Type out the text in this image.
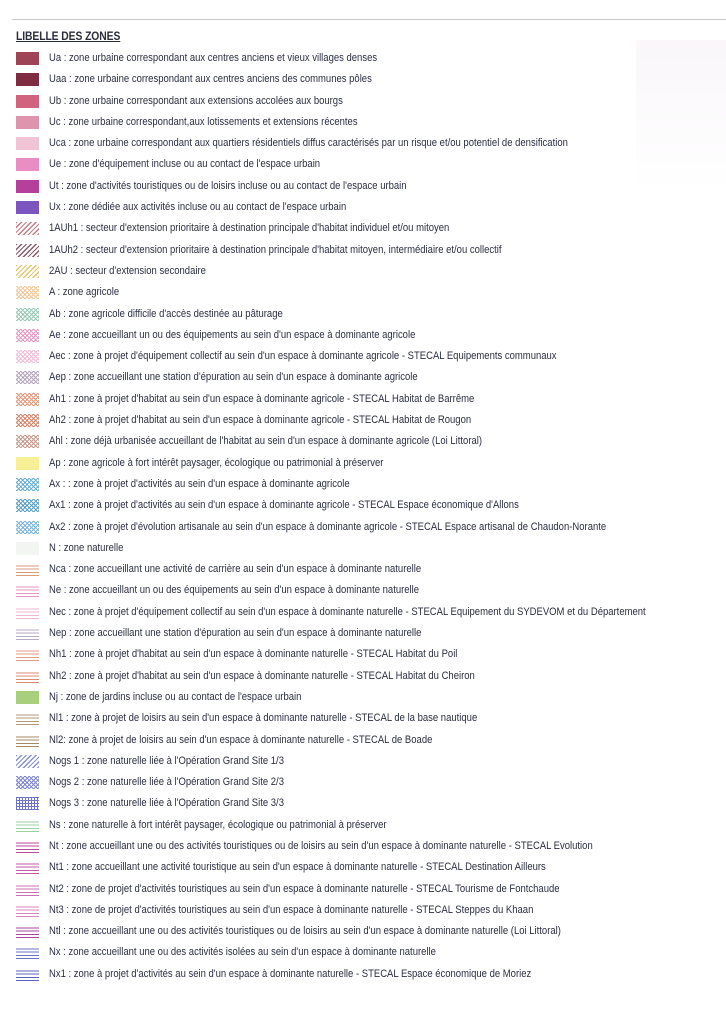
LIBELLE DES ZONES
Ua : zone urbaine correspondant aux centres anciens et vieux villages denses
Uaa : zone urbaine correspondant aux centres anciens des communes pôles
Ub : zone urbaine correspondant aux extensions accolées aux bourgs
Uc : zone urbaine correspondant,aux lotissements et extensions récentes
Uca : zone urbaine correspondant aux quartiers résidentiels diffus caractérisés par un risque et/ou potentiel de densification
Ue : zone d'équipement incluse ou au contact de l'espace urbain
Ut : zone d'activités touristiques ou de loisirs incluse ou au contact de l'espace urbain
Ux : zone dédiée aux activités incluse ou au contact de l'espace urbain
1AUh1 : secteur d'extension prioritaire à destination principale d'habitat individuel et/ou mitoyen
1AUh2 : secteur d'extension prioritaire à destination principale d'habitat mitoyen, intermédiaire et/ou collectif
2AU : secteur d'extension secondaire
A : zone agricole
Ab : zone agricole difficile d'accès destinée au pâturage
Ae : zone accueillant un ou des équipements au sein d'un espace à dominante agricole
Aec : zone à projet d'équipement collectif au sein d'un espace à dominante agricole - STECAL Equipements communaux
Aep : zone accueillant une station d'épuration au sein d'un espace à dominante agricole
Ah1 : zone à projet d'habitat au sein d'un espace à dominante agricole - STECAL Habitat de Barrême
Ah2 : zone à projet d'habitat au sein d'un espace à dominante agricole - STECAL Habitat de Rougon
Ahl : zone déjà urbanisée accueillant de l'habitat au sein d'un espace à dominante agricole (Loi Littoral)
Ap : zone agricole à fort intérêt paysager, écologique ou patrimonial à préserver
Ax : : zone à projet d'activités au sein d'un espace à dominante agricole
Ax1 : zone à projet d'activités au sein d'un espace à dominante agricole - STECAL Espace économique d'Allons
Ax2 : zone à projet d'évolution artisanale au sein d'un espace à dominante agricole - STECAL Espace artisanal de Chaudon-Norante
N : zone naturelle
Nca : zone accueillant une activité de carrière au sein d'un espace à dominante naturelle
Ne : zone accueillant un ou des équipements au sein d'un espace à dominante naturelle
Nec : zone à projet d'équipement collectif au sein d'un espace à dominante naturelle - STECAL Equipement du SYDEVOM et du Département
Nep : zone accueillant une station d'épuration au sein d'un espace à dominante naturelle
Nh1 : zone à projet d'habitat au sein d'un espace à dominante naturelle - STECAL Habitat du Poil
Nh2 : zone à projet d'habitat au sein d'un espace à dominante naturelle - STECAL Habitat du Cheiron
Nj : zone de jardins incluse ou au contact de l'espace urbain
Nl1 : zone à projet de loisirs au sein d'un espace à dominante naturelle - STECAL de la base nautique
Nl2: zone à projet de loisirs au sein d'un espace à dominante naturelle - STECAL de Boade
Nogs 1 : zone naturelle liée à l'Opération Grand Site 1/3
Nogs 2 : zone naturelle liée à l'Opération Grand Site 2/3
Nogs 3 : zone naturelle liée à l'Opération Grand Site 3/3
Ns : zone naturelle à fort intérêt paysager, écologique ou patrimonial à préserver
Nt : zone accueillant une ou des activités touristiques ou de loisirs au sein d'un espace à dominante naturelle - STECAL Evolution
Nt1 : zone accueillant une activité touristique au sein d'un espace à dominante naturelle - STECAL Destination Ailleurs
Nt2 : zone de projet d'activités touristiques au sein d'un espace à dominante naturelle - STECAL Tourisme de Fontchaude
Nt3 : zone de projet d'activités touristiques au sein d'un espace à dominante naturelle - STECAL Steppes du Khaan
Ntl : zone accueillant une ou des activités touristiques ou de loisirs au sein d'un espace à dominante naturelle (Loi Littoral)
Nx : zone accueillant une ou des activités isolées au sein d'un espace à dominante naturelle
Nx1 : zone à projet d'activités au sein d'un espace à dominante naturelle - STECAL Espace économique de Moriez
